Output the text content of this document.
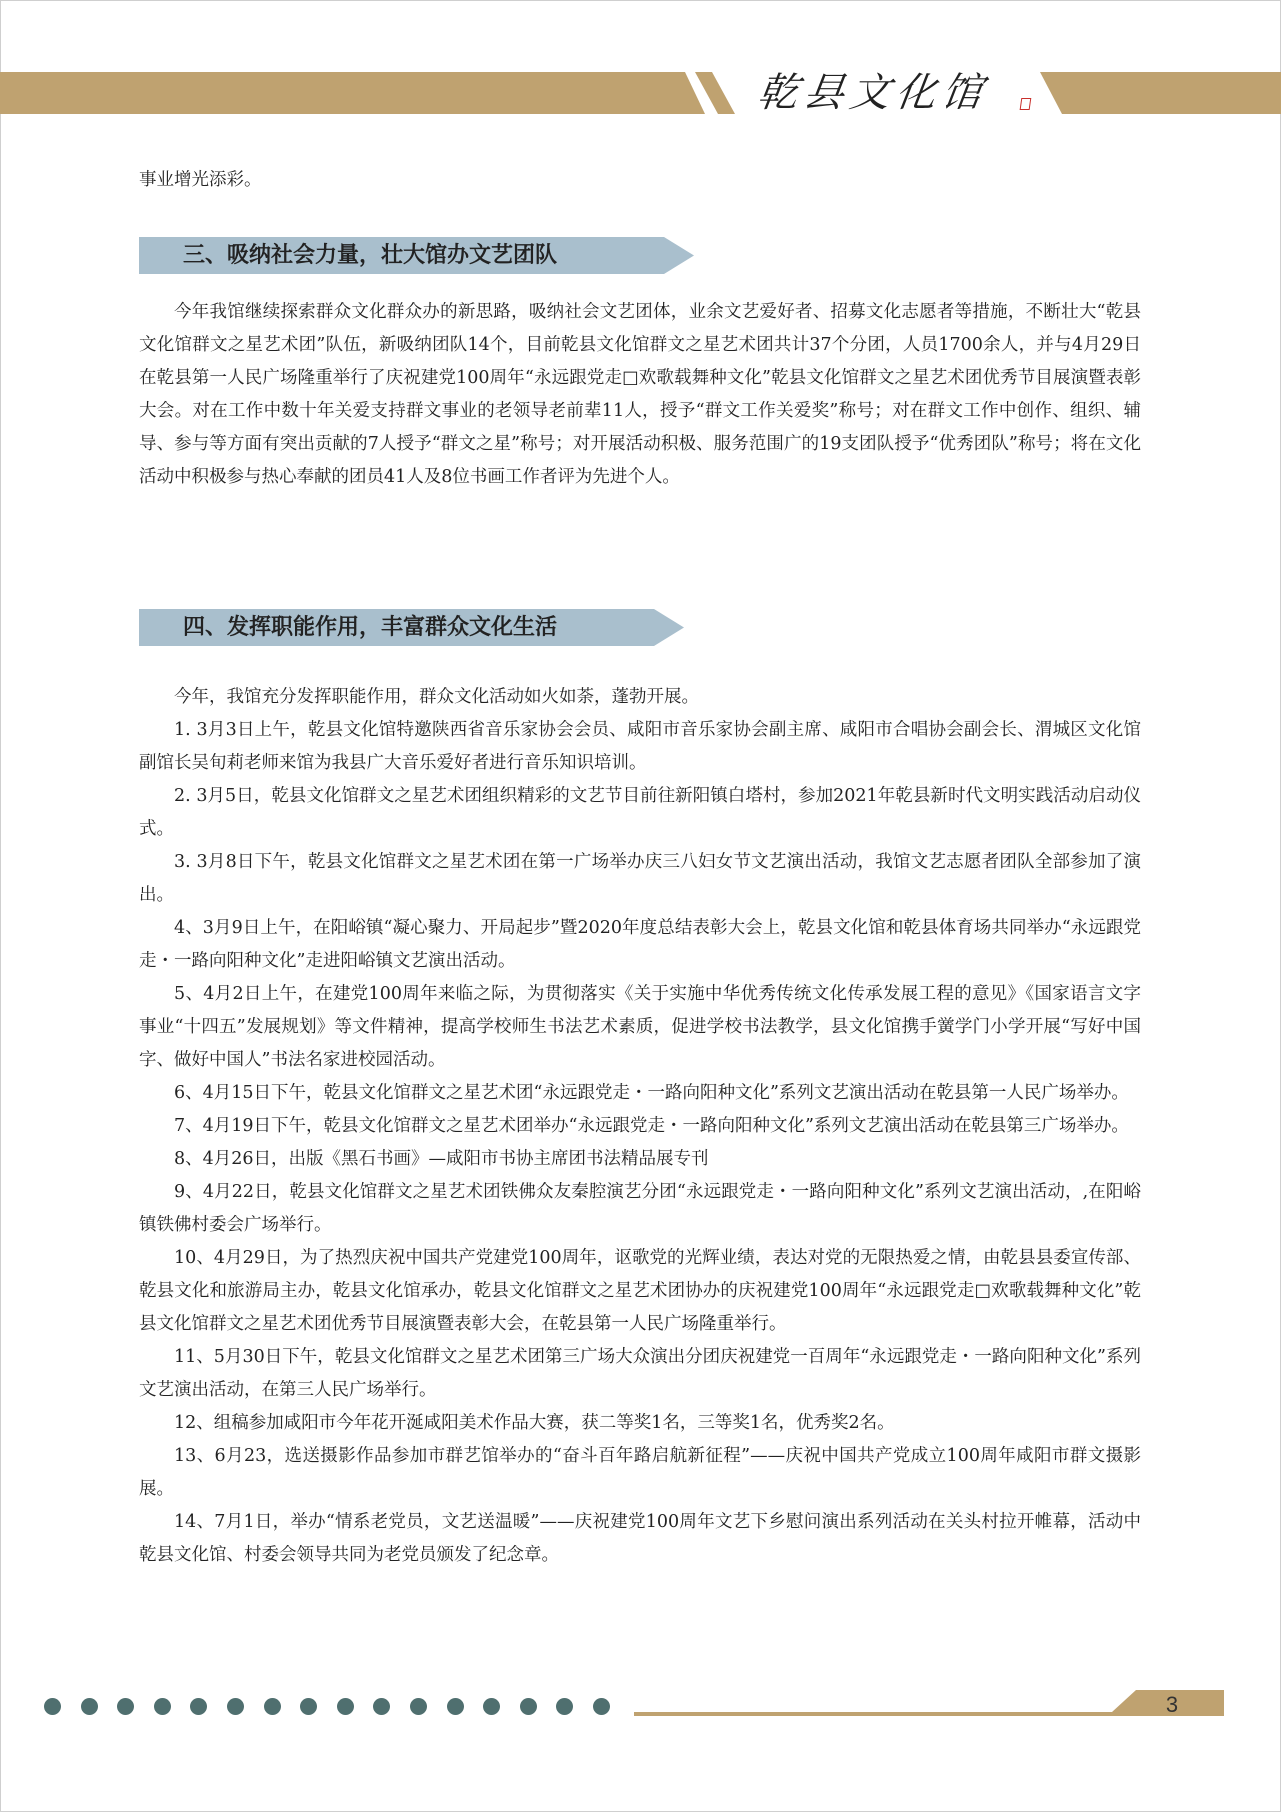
乾县文化馆

事业增光添彩。

三、吸纳社会力量，壮大馆办文艺团队

今年我馆继续探索群众文化群众办的新思路，吸纳社会文艺团体，业余文艺爱好者、招募文化志愿者等措施，不断壮大“乾县文化馆群文之星艺术团”队伍，新吸纳团队14个，目前乾县文化馆群文之星艺术团共计37个分团，人员1700余人，并与4月29日在乾县第一人民广场隆重举行了庆祝建党100周年“永远跟党走□欢歌载舞种文化”乾县文化馆群文之星艺术团优秀节目展演暨表彰大会。对在工作中数十年关爱支持群文事业的老领导老前辈11人，授予“群文工作关爱奖”称号；对在群文工作中创作、组织、辅导、参与等方面有突出贡献的7人授予“群文之星”称号；对开展活动积极、服务范围广的19支团队授予“优秀团队”称号；将在文化活动中积极参与热心奉献的团员41人及8位书画工作者评为先进个人。

四、发挥职能作用，丰富群众文化生活

今年，我馆充分发挥职能作用，群众文化活动如火如荼，蓬勃开展。

1. 3月3日上午，乾县文化馆特邀陕西省音乐家协会会员、咸阳市音乐家协会副主席、咸阳市合唱协会副会长、渭城区文化馆副馆长吴旬莉老师来馆为我县广大音乐爱好者进行音乐知识培训。

2. 3月5日，乾县文化馆群文之星艺术团组织精彩的文艺节目前往新阳镇白塔村，参加2021年乾县新时代文明实践活动启动仪式。

3. 3月8日下午，乾县文化馆群文之星艺术团在第一广场举办庆三八妇女节文艺演出活动，我馆文艺志愿者团队全部参加了演出。

4、3月9日上午，在阳峪镇“凝心聚力、开局起步”暨2020年度总结表彰大会上，乾县文化馆和乾县体育场共同举办“永远跟党走・一路向阳种文化”走进阳峪镇文艺演出活动。

5、4月2日上午，在建党100周年来临之际，为贯彻落实《关于实施中华优秀传统文化传承发展工程的意见》《国家语言文字事业“十四五”发展规划》等文件精神，提高学校师生书法艺术素质，促进学校书法教学，县文化馆携手黉学门小学开展“写好中国字、做好中国人”书法名家进校园活动。

6、4月15日下午，乾县文化馆群文之星艺术团“永远跟党走・一路向阳种文化”系列文艺演出活动在乾县第一人民广场举办。

7、4月19日下午，乾县文化馆群文之星艺术团举办“永远跟党走・一路向阳种文化”系列文艺演出活动在乾县第三广场举办。

8、4月26日，出版《黑石书画》—咸阳市书协主席团书法精品展专刊

9、4月22日，乾县文化馆群文之星艺术团铁佛众友秦腔演艺分团“永远跟党走・一路向阳种文化”系列文艺演出活动，,在阳峪镇铁佛村委会广场举行。

10、4月29日，为了热烈庆祝中国共产党建党100周年，讴歌党的光辉业绩，表达对党的无限热爱之情，由乾县县委宣传部、乾县文化和旅游局主办，乾县文化馆承办，乾县文化馆群文之星艺术团协办的庆祝建党100周年“永远跟党走□欢歌载舞种文化”乾县文化馆群文之星艺术团优秀节目展演暨表彰大会，在乾县第一人民广场隆重举行。

11、5月30日下午，乾县文化馆群文之星艺术团第三广场大众演出分团庆祝建党一百周年“永远跟党走・一路向阳种文化”系列文艺演出活动，在第三人民广场举行。

12、组稿参加咸阳市今年花开涎咸阳美术作品大赛，获二等奖1名，三等奖1名，优秀奖2名。

13、6月23，选送摄影作品参加市群艺馆举办的“奋斗百年路启航新征程”——庆祝中国共产党成立100周年咸阳市群文摄影展。

14、7月1日，举办“情系老党员，文艺送温暖”——庆祝建党100周年文艺下乡慰问演出系列活动在关头村拉开帷幕，活动中乾县文化馆、村委会领导共同为老党员颁发了纪念章。

3
